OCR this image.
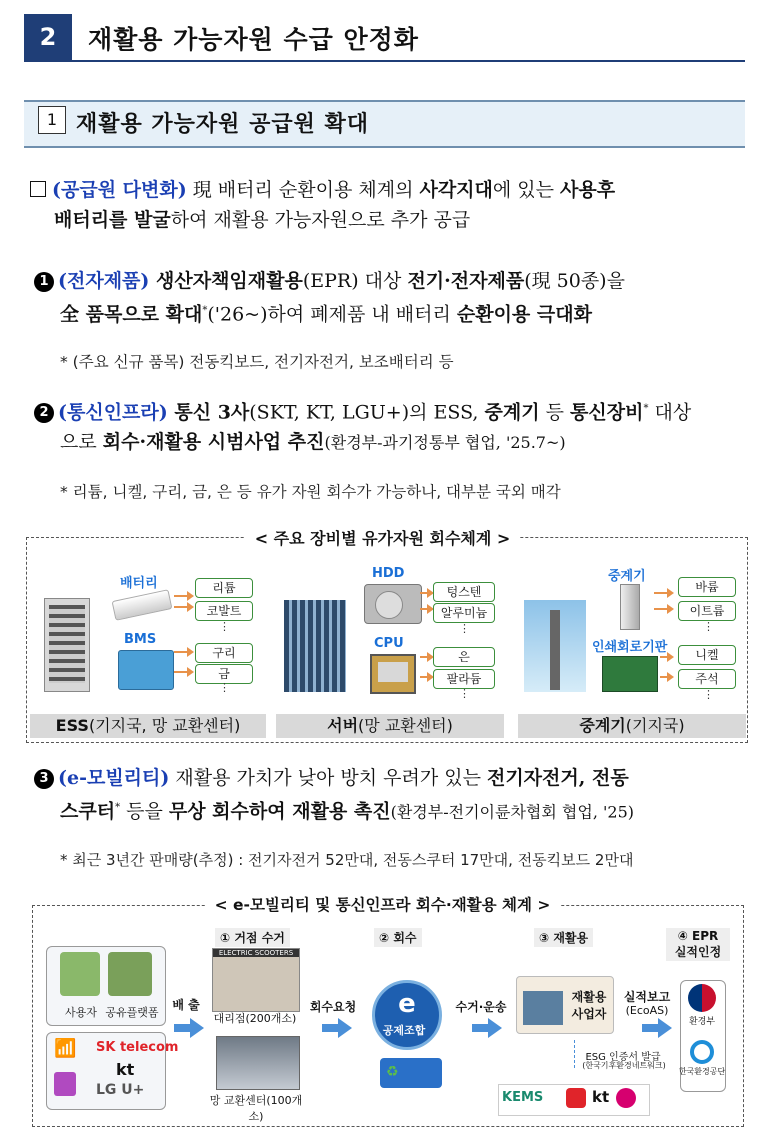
2	재활용 가능자원 수급 안정화
1 재활용 가능자원 공급원 확대
(공급원 다변화) 現 배터리 순환이용 체계의 사각지대에 있는 사용후
배터리를 발굴하여 재활용 가능자원으로 추가 공급
1 (전자제품) 생산자책임재활용(EPR) 대상 전기·전자제품(現 50종)을
全 품목으로 확대*('26~)하여 폐제품 내 배터리 순환이용 극대화
* (주요 신규 품목) 전동킥보드, 전기자전거, 보조배터리 등
2 (통신인프라) 통신 3사(SKT, KT, LGU+)의 ESS, 중계기 등 통신장비* 대상
으로 회수·재활용 시범사업 추진(환경부-과기정통부 협업, '25.7~)
* 리튬, 니켈, 구리, 금, 은 등 유가 자원 회수가 가능하나, 대부분 국외 매각
< 주요 장비별 유가자원 회수체계 >
배터리
BMS
리튬
코발트
⋮
구리
금
⋮
ESS(기지국, 망 교환센터)
HDD
CPU
텅스텐
알루미늄
⋮
은
팔라듐
⋮
서버(망 교환센터)
중계기
인쇄회로기판
바륨
이트륨
⋮
니켈
주석
⋮
중계기(기지국)
3 (e-모빌리티) 재활용 가치가 낮아 방치 우려가 있는 전기자전거, 전동
스쿠터* 등을 무상 회수하여 재활용 촉진(환경부-전기이륜차협회 협업, '25)
* 최근 3년간 판매량(추정) : 전기자전거 52만대, 전동스쿠터 17만대, 전동킥보드 2만대
< e-모빌리티 및 통신인프라 회수·재활용 체계 >
① 거점 수거	② 회수	③ 재활용	④ EPR 실적인정
사용자 공유플랫폼
📶 SK telecom
kt
LG U+
배 출
ELECTRIC SCOOTERS
대리점(200개소)
망 교환센터(100개소)
회수요청	e
공제조합
♻
수거·운송
재활용 사업자
실적보고
(EcoAS)
환경부
한국환경공단
ESG 인증서 발급
(한국기후환경네트워크)
KEMS	kt
